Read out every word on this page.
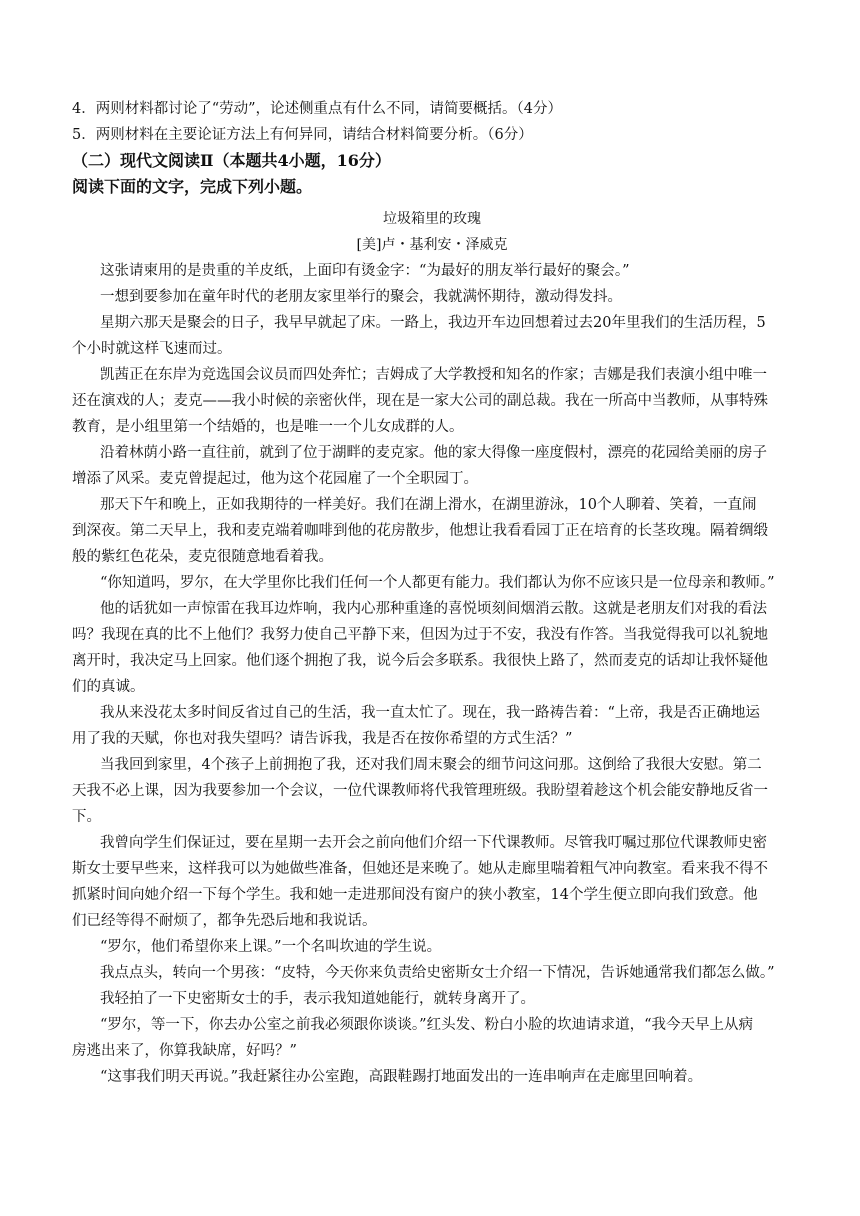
4．两则材料都讨论了“劳动”，论述侧重点有什么不同，请简要概括。（4分）
5．两则材料在主要论证方法上有何异同，请结合材料简要分析。（6分）
（二）现代文阅读Ⅱ（本题共4小题，16分）
阅读下面的文字，完成下列小题。
垃圾箱里的玫瑰
[美]卢・基利安・泽威克
这张请柬用的是贵重的羊皮纸，上面印有烫金字：“为最好的朋友举行最好的聚会。”
一想到要参加在童年时代的老朋友家里举行的聚会，我就满怀期待，激动得发抖。
星期六那天是聚会的日子，我早早就起了床。一路上，我边开车边回想着过去20年里我们的生活历程，5
个小时就这样飞速而过。
凯茜正在东岸为竞选国会议员而四处奔忙；吉姆成了大学教授和知名的作家；吉娜是我们表演小组中唯一
还在演戏的人；麦克——我小时候的亲密伙伴，现在是一家大公司的副总裁。我在一所高中当教师，从事特殊
教育，是小组里第一个结婚的，也是唯一一个儿女成群的人。
沿着林荫小路一直往前，就到了位于湖畔的麦克家。他的家大得像一座度假村，漂亮的花园给美丽的房子
增添了风采。麦克曾提起过，他为这个花园雇了一个全职园丁。
那天下午和晚上，正如我期待的一样美好。我们在湖上滑水，在湖里游泳，10个人聊着、笑着，一直闹
到深夜。第二天早上，我和麦克端着咖啡到他的花房散步，他想让我看看园丁正在培育的长茎玫瑰。隔着绸缎
般的紫红色花朵，麦克很随意地看着我。
“你知道吗，罗尔，在大学里你比我们任何一个人都更有能力。我们都认为你不应该只是一位母亲和教师。”
他的话犹如一声惊雷在我耳边炸响，我内心那种重逢的喜悦顷刻间烟消云散。这就是老朋友们对我的看法
吗？我现在真的比不上他们？我努力使自己平静下来，但因为过于不安，我没有作答。当我觉得我可以礼貌地
离开时，我决定马上回家。他们逐个拥抱了我，说今后会多联系。我很快上路了，然而麦克的话却让我怀疑他
们的真诚。
我从来没花太多时间反省过自己的生活，我一直太忙了。现在，我一路祷告着：“上帝，我是否正确地运
用了我的天赋，你也对我失望吗？请告诉我，我是否在按你希望的方式生活？”
当我回到家里，4个孩子上前拥抱了我，还对我们周末聚会的细节问这问那。这倒给了我很大安慰。第二
天我不必上课，因为我要参加一个会议，一位代课教师将代我管理班级。我盼望着趁这个机会能安静地反省一
下。
我曾向学生们保证过，要在星期一去开会之前向他们介绍一下代课教师。尽管我叮嘱过那位代课教师史密
斯女士要早些来，这样我可以为她做些准备，但她还是来晚了。她从走廊里喘着粗气冲向教室。看来我不得不
抓紧时间向她介绍一下每个学生。我和她一走进那间没有窗户的狭小教室，14个学生便立即向我们致意。他
们已经等得不耐烦了，都争先恐后地和我说话。
“罗尔，他们希望你来上课。”一个名叫坎迪的学生说。
我点点头，转向一个男孩：“皮特，今天你来负责给史密斯女士介绍一下情况，告诉她通常我们都怎么做。”
我轻拍了一下史密斯女士的手，表示我知道她能行，就转身离开了。
“罗尔，等一下，你去办公室之前我必须跟你谈谈。”红头发、粉白小脸的坎迪请求道，“我今天早上从病
房逃出来了，你算我缺席，好吗？”
“这事我们明天再说。”我赶紧往办公室跑，高跟鞋踢打地面发出的一连串响声在走廊里回响着。
